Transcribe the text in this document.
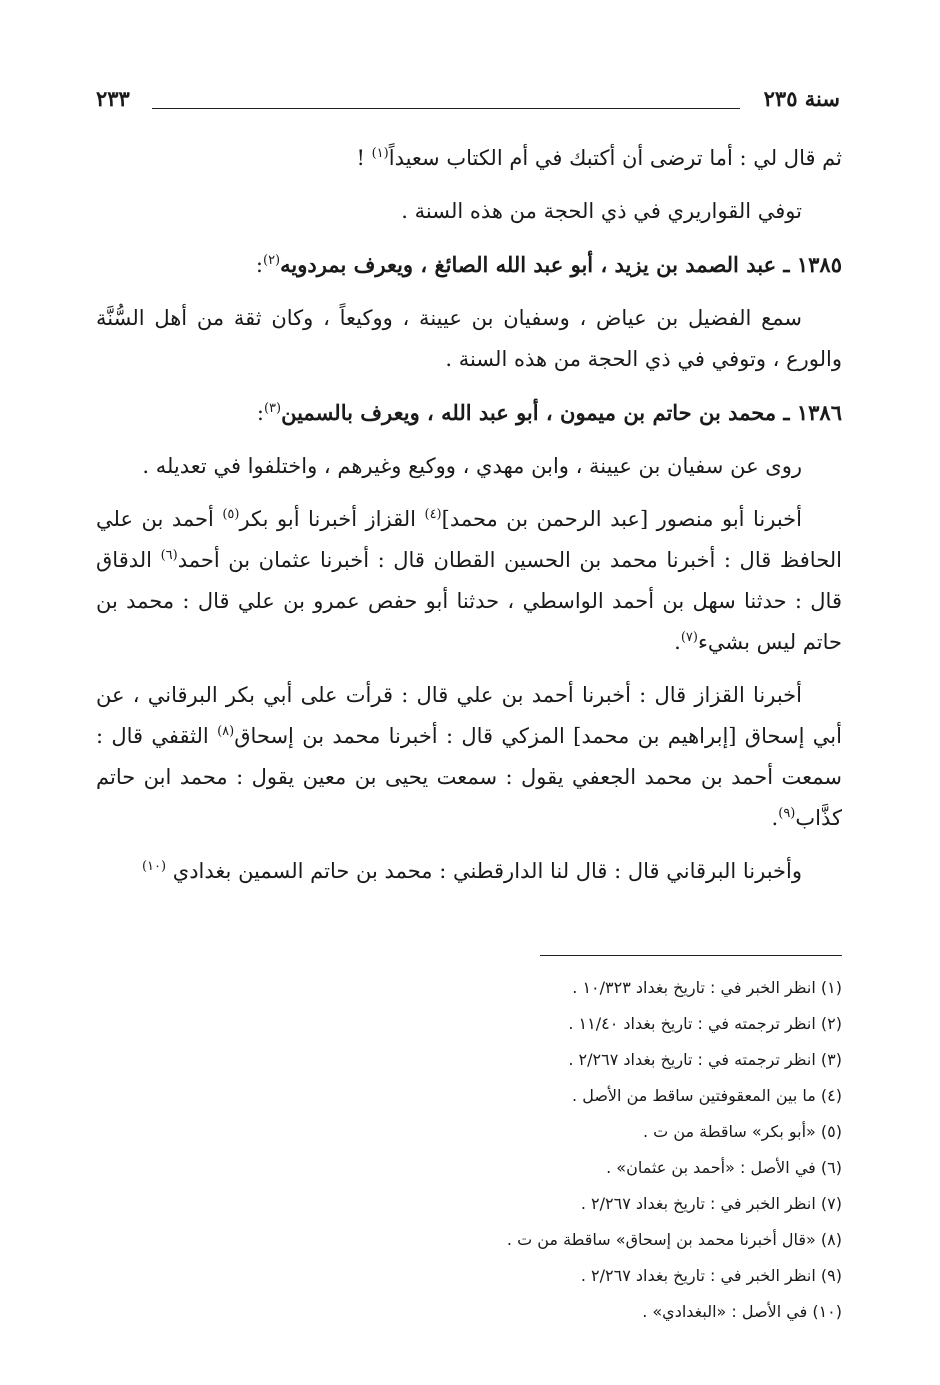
سنة ٢٣٥
٢٣٣

ثم قال لي : أما ترضى أن أكتبك في أم الكتاب سعيداً$^{(١)}$ !

توفي القواريري في ذي الحجة من هذه السنة .

١٣٨٥ ـ عبد الصمد بن يزيد ، أبو عبد الله الصائغ ، ويعرف بمردويه$^{(٢)}$:

سمع الفضيل بن عياض ، وسفيان بن عيينة ، ووكيعاً ، وكان ثقة من أهل السُّنَّة والورع ، وتوفي في ذي الحجة من هذه السنة .

١٣٨٦ ـ محمد بن حاتم بن ميمون ، أبو عبد الله ، ويعرف بالسمين$^{(٣)}$:

روى عن سفيان بن عيينة ، وابن مهدي ، ووكيع وغيرهم ، واختلفوا في تعديله .

أخبرنا أبو منصور [عبد الرحمن بن محمد]$^{(٤)}$ القزاز أخبرنا أبو بكر$^{(٥)}$ أحمد بن علي الحافظ قال : أخبرنا محمد بن الحسين القطان قال : أخبرنا عثمان بن أحمد$^{(٦)}$ الدقاق قال : حدثنا سهل بن أحمد الواسطي ، حدثنا أبو حفص عمرو بن علي قال : محمد بن حاتم ليس بشيء$^{(٧)}$.

أخبرنا القزاز قال : أخبرنا أحمد بن علي قال : قرأت على أبي بكر البرقاني ، عن أبي إسحاق [إبراهيم بن محمد] المزكي قال : أخبرنا محمد بن إسحاق$^{(٨)}$ الثقفي قال : سمعت أحمد بن محمد الجعفي يقول : سمعت يحيى بن معين يقول : محمد ابن حاتم كذَّاب$^{(٩)}$.

وأخبرنا البرقاني قال : قال لنا الدارقطني : محمد بن حاتم السمين بغدادي $^{(١٠)}$

(١) انظر الخبر في : تاريخ بغداد ١٠/٣٢٣ .

(٢) انظر ترجمته في : تاريخ بغداد ١١/٤٠ .

(٣) انظر ترجمته في : تاريخ بغداد ٢/٢٦٧ .

(٤) ما بين المعقوفتين ساقط من الأصل .

(٥) «أبو بكر» ساقطة من ت .

(٦) في الأصل : «أحمد بن عثمان» .

(٧) انظر الخبر في : تاريخ بغداد ٢/٢٦٧ .

(٨) «قال أخبرنا محمد بن إسحاق» ساقطة من ت .

(٩) انظر الخبر في : تاريخ بغداد ٢/٢٦٧ .

(١٠) في الأصل : «البغدادي» .
